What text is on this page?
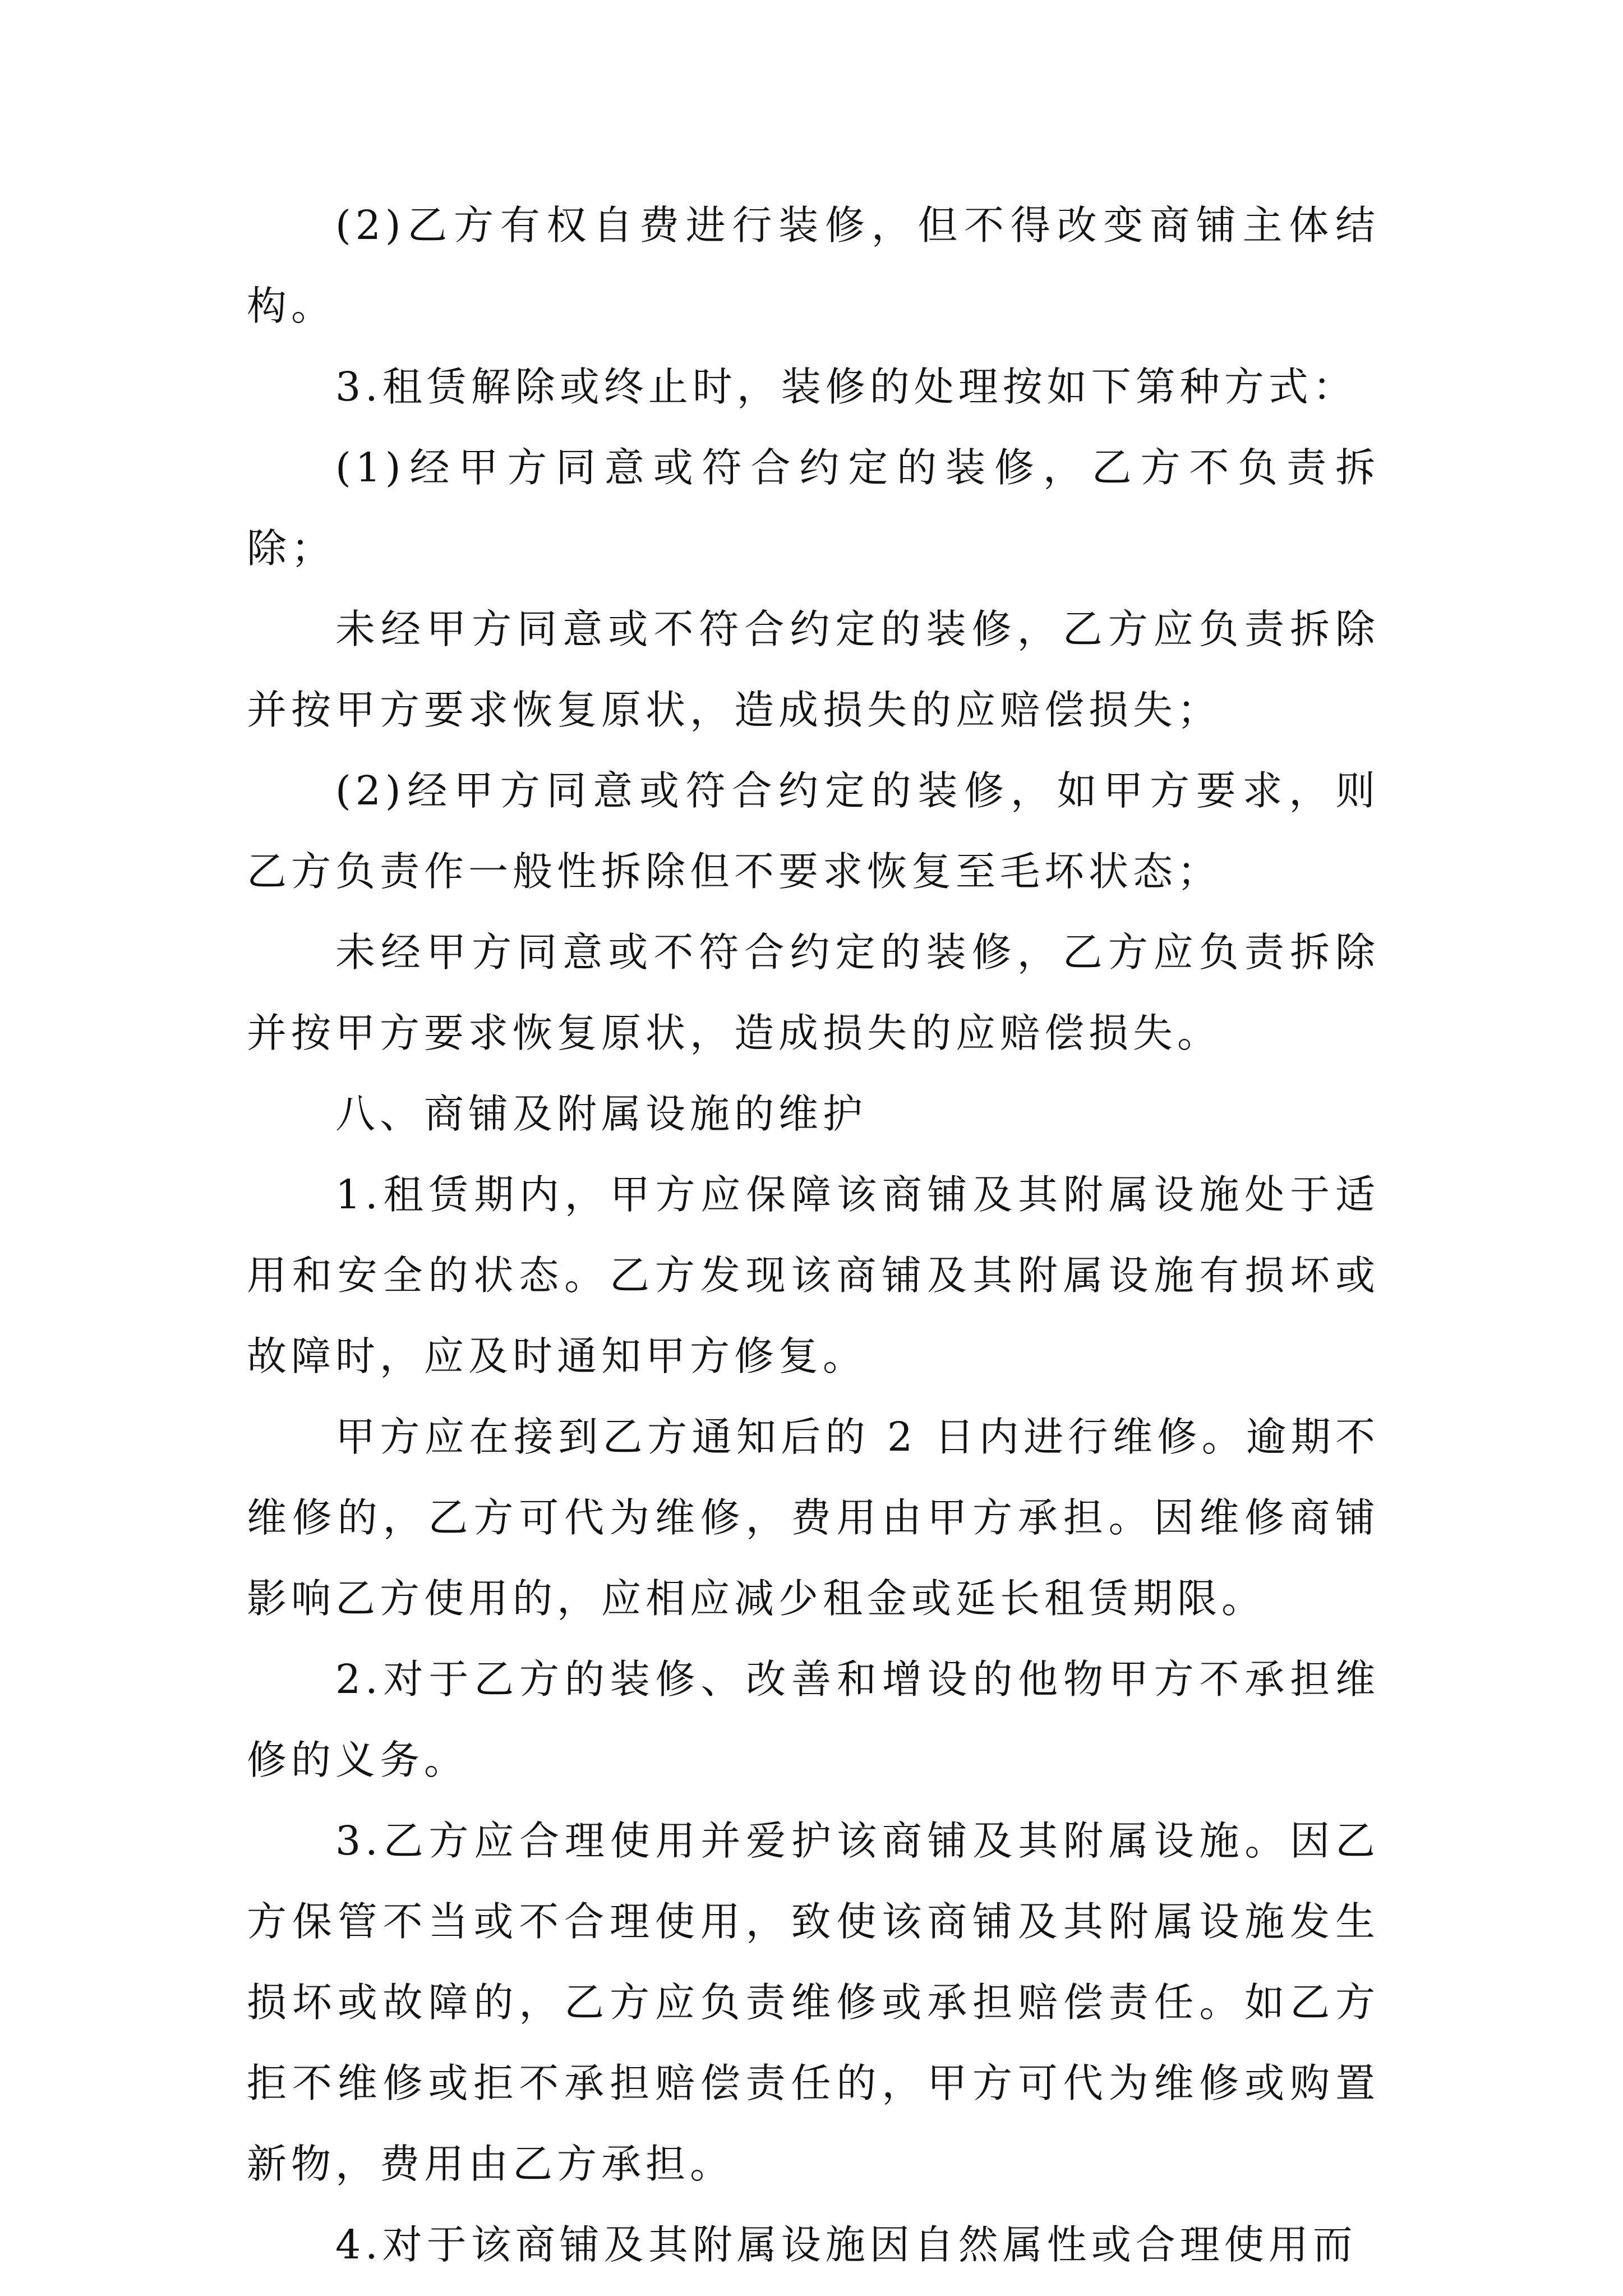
(2)乙方有权自费进行装修，但不得改变商铺主体结构。

3.租赁解除或终止时，装修的处理按如下第种方式：

(1)经甲方同意或符合约定的装修，乙方不负责拆除；

未经甲方同意或不符合约定的装修，乙方应负责拆除并按甲方要求恢复原状，造成损失的应赔偿损失；

(2)经甲方同意或符合约定的装修，如甲方要求，则乙方负责作一般性拆除但不要求恢复至毛坏状态；

未经甲方同意或不符合约定的装修，乙方应负责拆除并按甲方要求恢复原状，造成损失的应赔偿损失。

八、商铺及附属设施的维护

1.租赁期内，甲方应保障该商铺及其附属设施处于适用和安全的状态。乙方发现该商铺及其附属设施有损坏或故障时，应及时通知甲方修复。

甲方应在接到乙方通知后的 2 日内进行维修。逾期不维修的，乙方可代为维修，费用由甲方承担。因维修商铺影响乙方使用的，应相应减少租金或延长租赁期限。

2.对于乙方的装修、改善和增设的他物甲方不承担维修的义务。

3.乙方应合理使用并爱护该商铺及其附属设施。因乙方保管不当或不合理使用，致使该商铺及其附属设施发生损坏或故障的，乙方应负责维修或承担赔偿责任。如乙方拒不维修或拒不承担赔偿责任的，甲方可代为维修或购置新物，费用由乙方承担。

4.对于该商铺及其附属设施因自然属性或合理使用而
